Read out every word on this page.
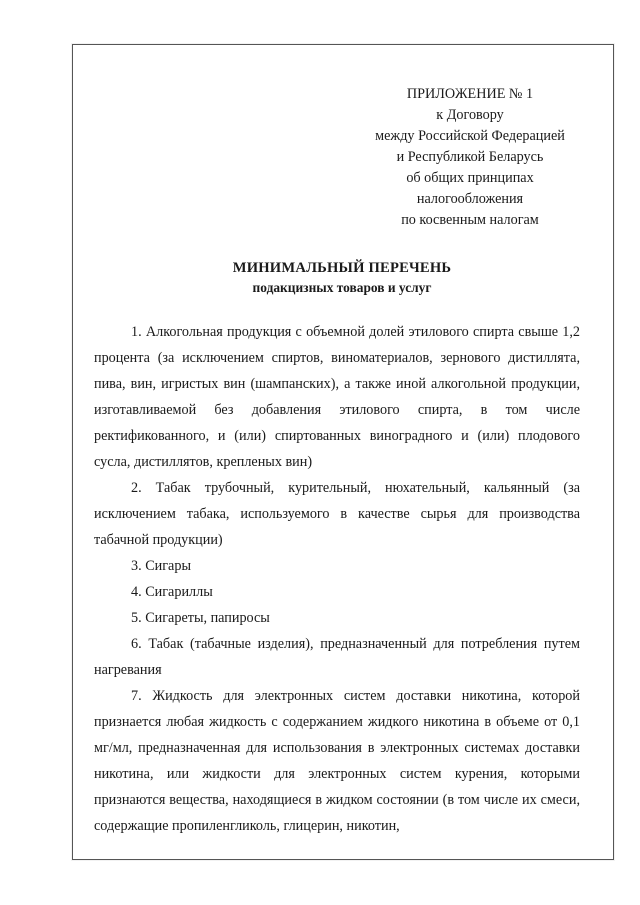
ПРИЛОЖЕНИЕ № 1
к Договору
между Российской Федерацией
и Республикой Беларусь
об общих принципах
налогообложения
по косвенным налогам
МИНИМАЛЬНЫЙ ПЕРЕЧЕНЬ
подакцизных товаров и услуг

1. Алкогольная продукция с объемной долей этилового спирта свыше 1,2 процента (за исключением спиртов, виноматериалов, зернового дистиллята, пива, вин, игристых вин (шампанских), а также иной алкогольной продукции, изготавливаемой без добавления этилового спирта, в том числе ректификованного, и (или) спиртованных виноградного и (или) плодового сусла, дистиллятов, крепленых вин)

2. Табак трубочный, курительный, нюхательный, кальянный (за исключением табака, используемого в качестве сырья для производства табачной продукции)

3. Сигары

4. Сигариллы

5. Сигареты, папиросы

6. Табак (табачные изделия), предназначенный для потребления путем нагревания

7. Жидкость для электронных систем доставки никотина, которой признается любая жидкость с содержанием жидкого никотина в объеме от 0,1 мг/мл, предназначенная для использования в электронных системах доставки никотина, или жидкости для электронных систем курения, которыми признаются вещества, находящиеся в жидком состоянии (в том числе их смеси, содержащие пропиленгликоль, глицерин, никотин,
